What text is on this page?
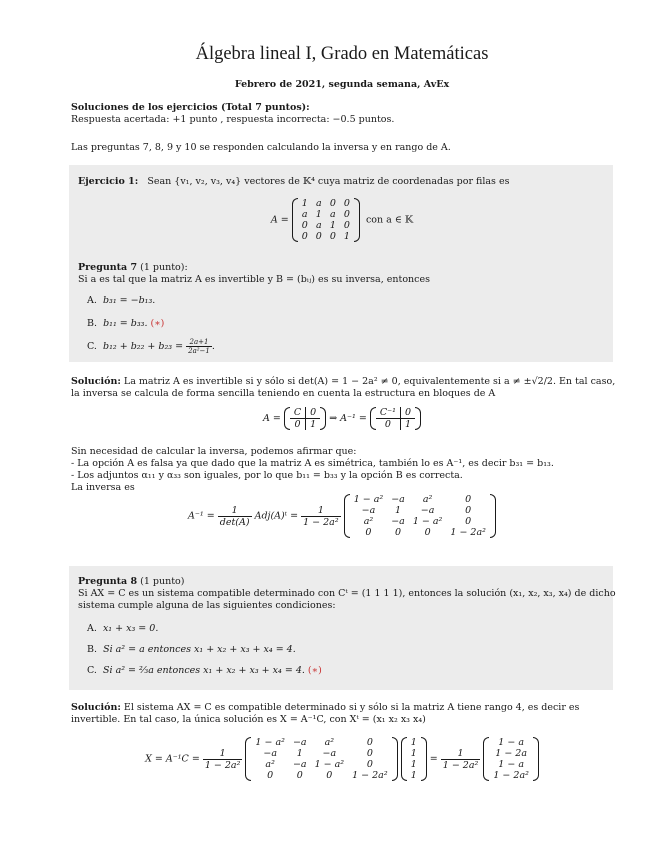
Álgebra lineal I, Grado en Matemáticas
Febrero de 2021, segunda semana, AvEx
Soluciones de los ejercicios (Total 7 puntos):
Respuesta acertada: +1 punto , respuesta incorrecta: −0.5 puntos.
Las preguntas 7, 8, 9 y 10 se responden calculando la inversa y en rango de A.
Ejercicio 1: Sean {v₁, v₂, v₃, v₄} vectores de 𝕂⁴ cuya matriz de coordenadas por filas es
A =
1	a	0	0
a	1	a	0
0	a	1	0
0	0	0	1
con a ∈ 𝕂
Pregunta 7 (1 punto):
Si a es tal que la matriz A es invertible y B = (bᵢⱼ) es su inversa, entonces
A. b₃₁ = −b₁₃.
B. b₁₁ = b₃₃. (∗)
C. $b_{12} + b_{22} + b_{23} = \frac{2a+1}{\text{2a²−1}}$ .
Solución: La matriz A es invertible si y sólo si det(A) = 1 − 2a² ≠ 0, equivalentemente si a ≠ ±√2/2. En tal caso,
la inversa se calcula de forma sencilla teniendo en cuenta la estructura en bloques de A
A =
C	0
0	1
⇒ A⁻¹ =
C⁻¹	0
0	1
Sin necesidad de calcular la inversa, podemos afirmar que:
- La opción A es falsa ya que dado que la matriz A es simétrica, también lo es A⁻¹, es decir b₃₁ = b₁₃.
- Los adjuntos α₁₁ y α₃₃ son iguales, por lo que b₁₁ = b₃₃ y la opción B es correcta.
La inversa es
$A^{-1} = \frac{1}{\det(A)}$ Adj(A)ᵗ = $\frac{1}{\text{1 − 2a²}}$

1 − a²	−a	a²	0
−a	1	−a	0
a²	−a	1 − a²	0
0	0	0	1 − 2a²
Pregunta 8 (1 punto)
Si AX = C es un sistema compatible determinado con Cᵗ = (1 1 1 1), entonces la solución (x₁, x₂, x₃, x₄) de dicho
sistema cumple alguna de las siguientes condiciones:
A. x₁ + x₃ = 0.
B. Si a² = a entonces x₁ + x₂ + x₃ + x₄ = 4.
C. Si a² = ⅔a entonces x₁ + x₂ + x₃ + x₄ = 4. (∗)
Solución: El sistema AX = C es compatible determinado si y sólo si la matriz A tiene rango 4, es decir es
invertible. En tal caso, la única solución es X = A⁻¹C, con Xᵗ = (x₁ x₂ x₃ x₄)
$X = A^{-1}C = \frac{1}{\text{1 − 2a²}}$

1 − a²	−a	a²	0
−a	1	−a	0
a²	−a	1 − a²	0
0	0	0	1 − 2a²

1
1
1
1
= $\frac{1}{\text{1 − 2a²}}$

1 − a
1 − 2a
1 − a
1 − 2a²
